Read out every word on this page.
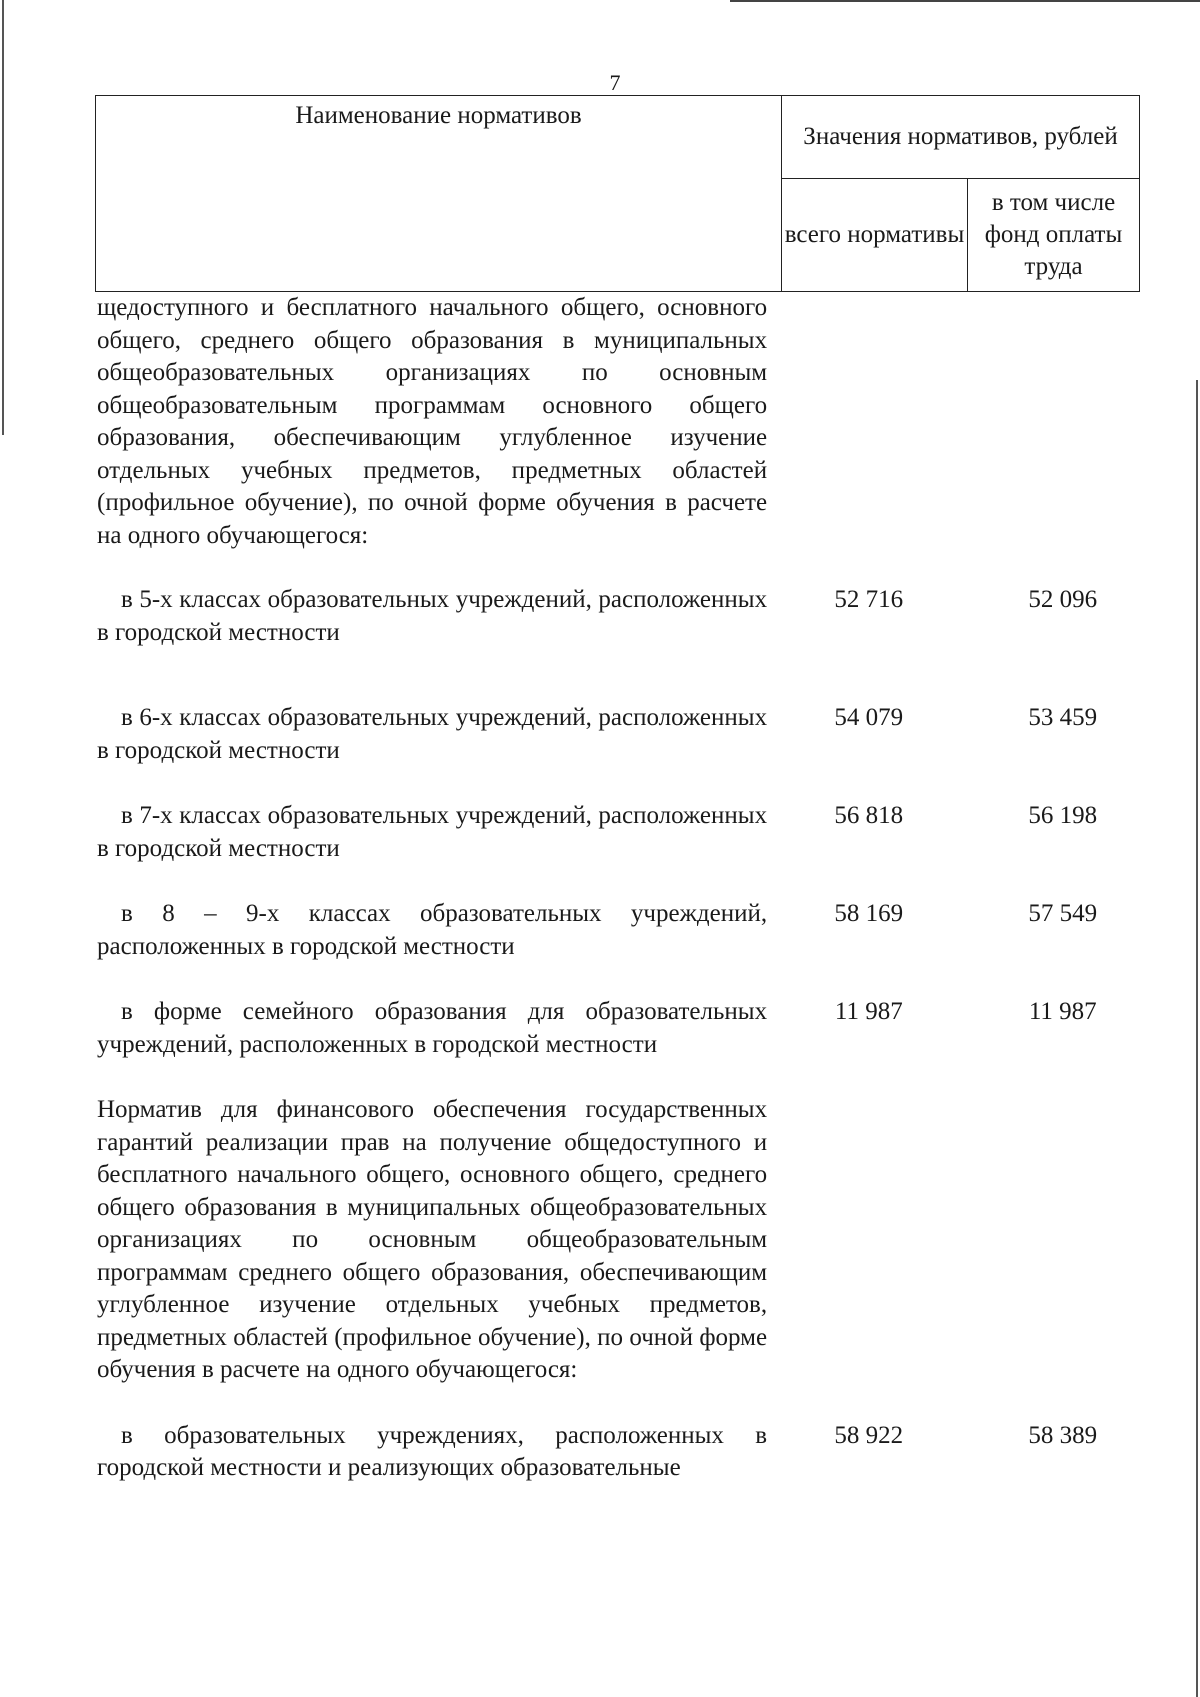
7
Наименование нормативов	Значения нормативов, рублей	
	всего нормативы	в том числе фонд оплаты труда
щедоступного и бесплатного начального общего, основного общего, среднего общего образования в муниципальных общеобразовательных организациях по основным общеобразовательным программам основного общего образования, обеспечивающим углубленное изучение отдельных учебных предметов, предметных областей (профильное обучение), по очной форме обучения в расчете на одного обучающегося:
в 5-х классах образовательных учреждений, расположенных в городской местности
52 716	52 096
в 6-х классах образовательных учреждений, расположенных в городской местности
54 079	53 459
в 7-х классах образовательных учреждений, расположенных в городской местности
56 818	56 198
в 8 – 9-х классах образовательных учреждений, расположенных в городской местности
58 169	57 549
в форме семейного образования для образовательных учреждений, расположенных в городской местности
11 987	11 987
Норматив для финансового обеспечения государственных гарантий реализации прав на получение общедоступного и бесплатного начального общего, основного общего, среднего общего образования в муниципальных общеобразовательных организациях по основным общеобразовательным программам среднего общего образования, обеспечивающим углубленное изучение отдельных учебных предметов, предметных областей (профильное обучение), по очной форме обучения в расчете на одного обучающегося:
в образовательных учреждениях, расположенных в городской местности и реализующих образовательные
58 922	58 389
